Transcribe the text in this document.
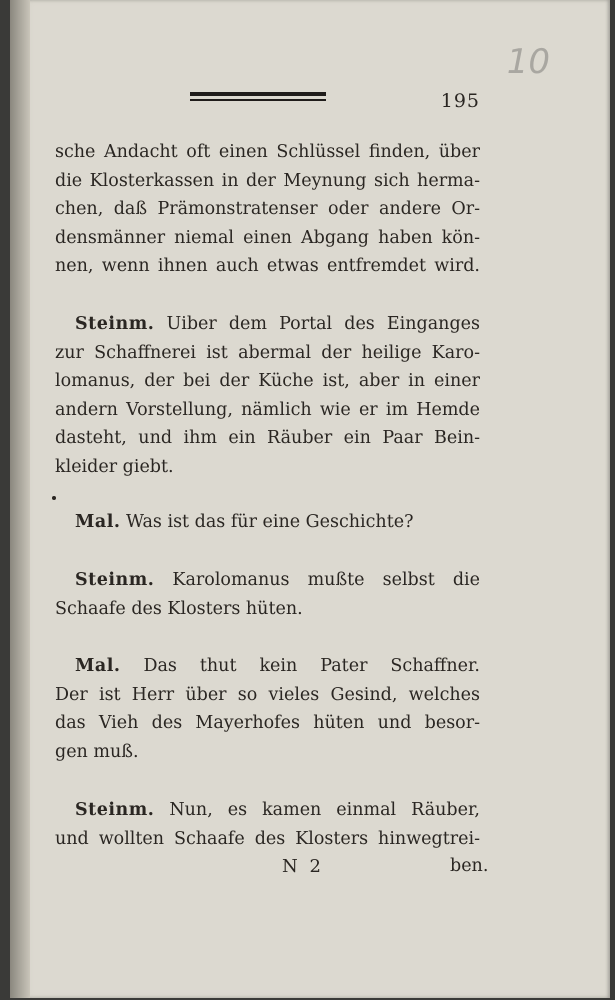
195
10
sche Andacht oft einen Schlüssel finden, über
die Klosterkassen in der Meynung sich herma-
chen, daß Prämonstratenser oder andere Or-
densmänner niemal einen Abgang haben kön-
nen, wenn ihnen auch etwas entfremdet wird.
Steinm. Uiber dem Portal des Einganges
zur Schaffnerei ist abermal der heilige Karo-
lomanus, der bei der Küche ist, aber in einer
andern Vorstellung, nämlich wie er im Hemde
dasteht, und ihm ein Räuber ein Paar Bein-
kleider giebt.
Mal. Was ist das für eine Geschichte?
Steinm. Karolomanus mußte selbst die
Schaafe des Klosters hüten.
Mal. Das thut kein Pater Schaffner.
Der ist Herr über so vieles Gesind, welches
das Vieh des Mayerhofes hüten und besor-
gen muß.
Steinm. Nun, es kamen einmal Räuber,
und wollten Schaafe des Klosters hinwegtrei-
N 2	ben.
